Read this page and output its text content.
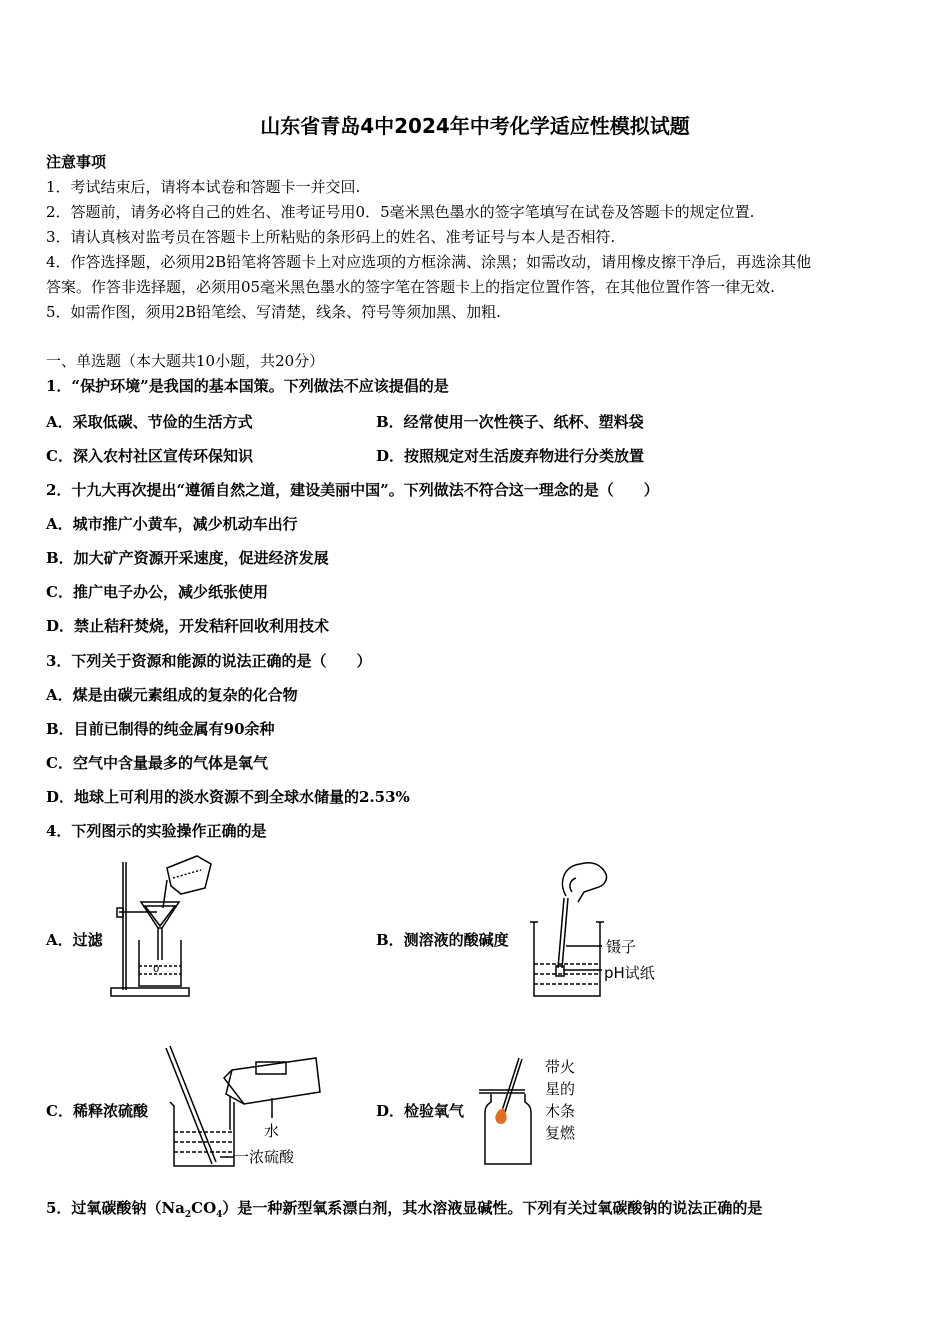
山东省青岛4中2024年中考化学适应性模拟试题
注意事项
1．考试结束后，请将本试卷和答题卡一并交回.
2．答题前，请务必将自己的姓名、准考证号用0．5毫米黑色墨水的签字笔填写在试卷及答题卡的规定位置.
3．请认真核对监考员在答题卡上所粘贴的条形码上的姓名、准考证号与本人是否相符.
4．作答选择题，必须用2B铅笔将答题卡上对应选项的方框涂满、涂黑；如需改动，请用橡皮擦干净后，再选涂其他
答案。作答非选择题，必须用05毫米黑色墨水的签字笔在答题卡上的指定位置作答，在其他位置作答一律无效.
5．如需作图，须用2B铅笔绘、写清楚，线条、符号等须加黑、加粗.
一、单选题（本大题共10小题，共20分）
1．“保护环境”是我国的基本国策。下列做法不应该提倡的是
A．采取低碳、节俭的生活方式	B．经常使用一次性筷子、纸杯、塑料袋
C．深入农村社区宣传环保知识	D．按照规定对生活废弃物进行分类放置
2．十九大再次提出“遵循自然之道，建设美丽中国”。下列做法不符合这一理念的是（　　）
A．城市推广小黄车，减少机动车出行
B．加大矿产资源开采速度，促进经济发展
C．推广电子办公，减少纸张使用
D．禁止秸秆焚烧，开发秸秆回收利用技术
3．下列关于资源和能源的说法正确的是（　　）
A．煤是由碳元素组成的复杂的化合物
B．目前已制得的纯金属有90余种
C．空气中含量最多的气体是氧气
D．地球上可利用的淡水资源不到全球水储量的2.53%
4．下列图示的实验操作正确的是
A．过滤
0
B．测溶液的酸碱度	镊子
pH试纸
C．稀释浓硫酸
水
一浓硫酸
D．检验氧气
带火
星的
木条
复燃
5．过氧碳酸钠$(Na_2CO_4)$是一种新型氧系漂白剂，其水溶液显碱性。下列有关过氧碳酸钠的说法正确的是
